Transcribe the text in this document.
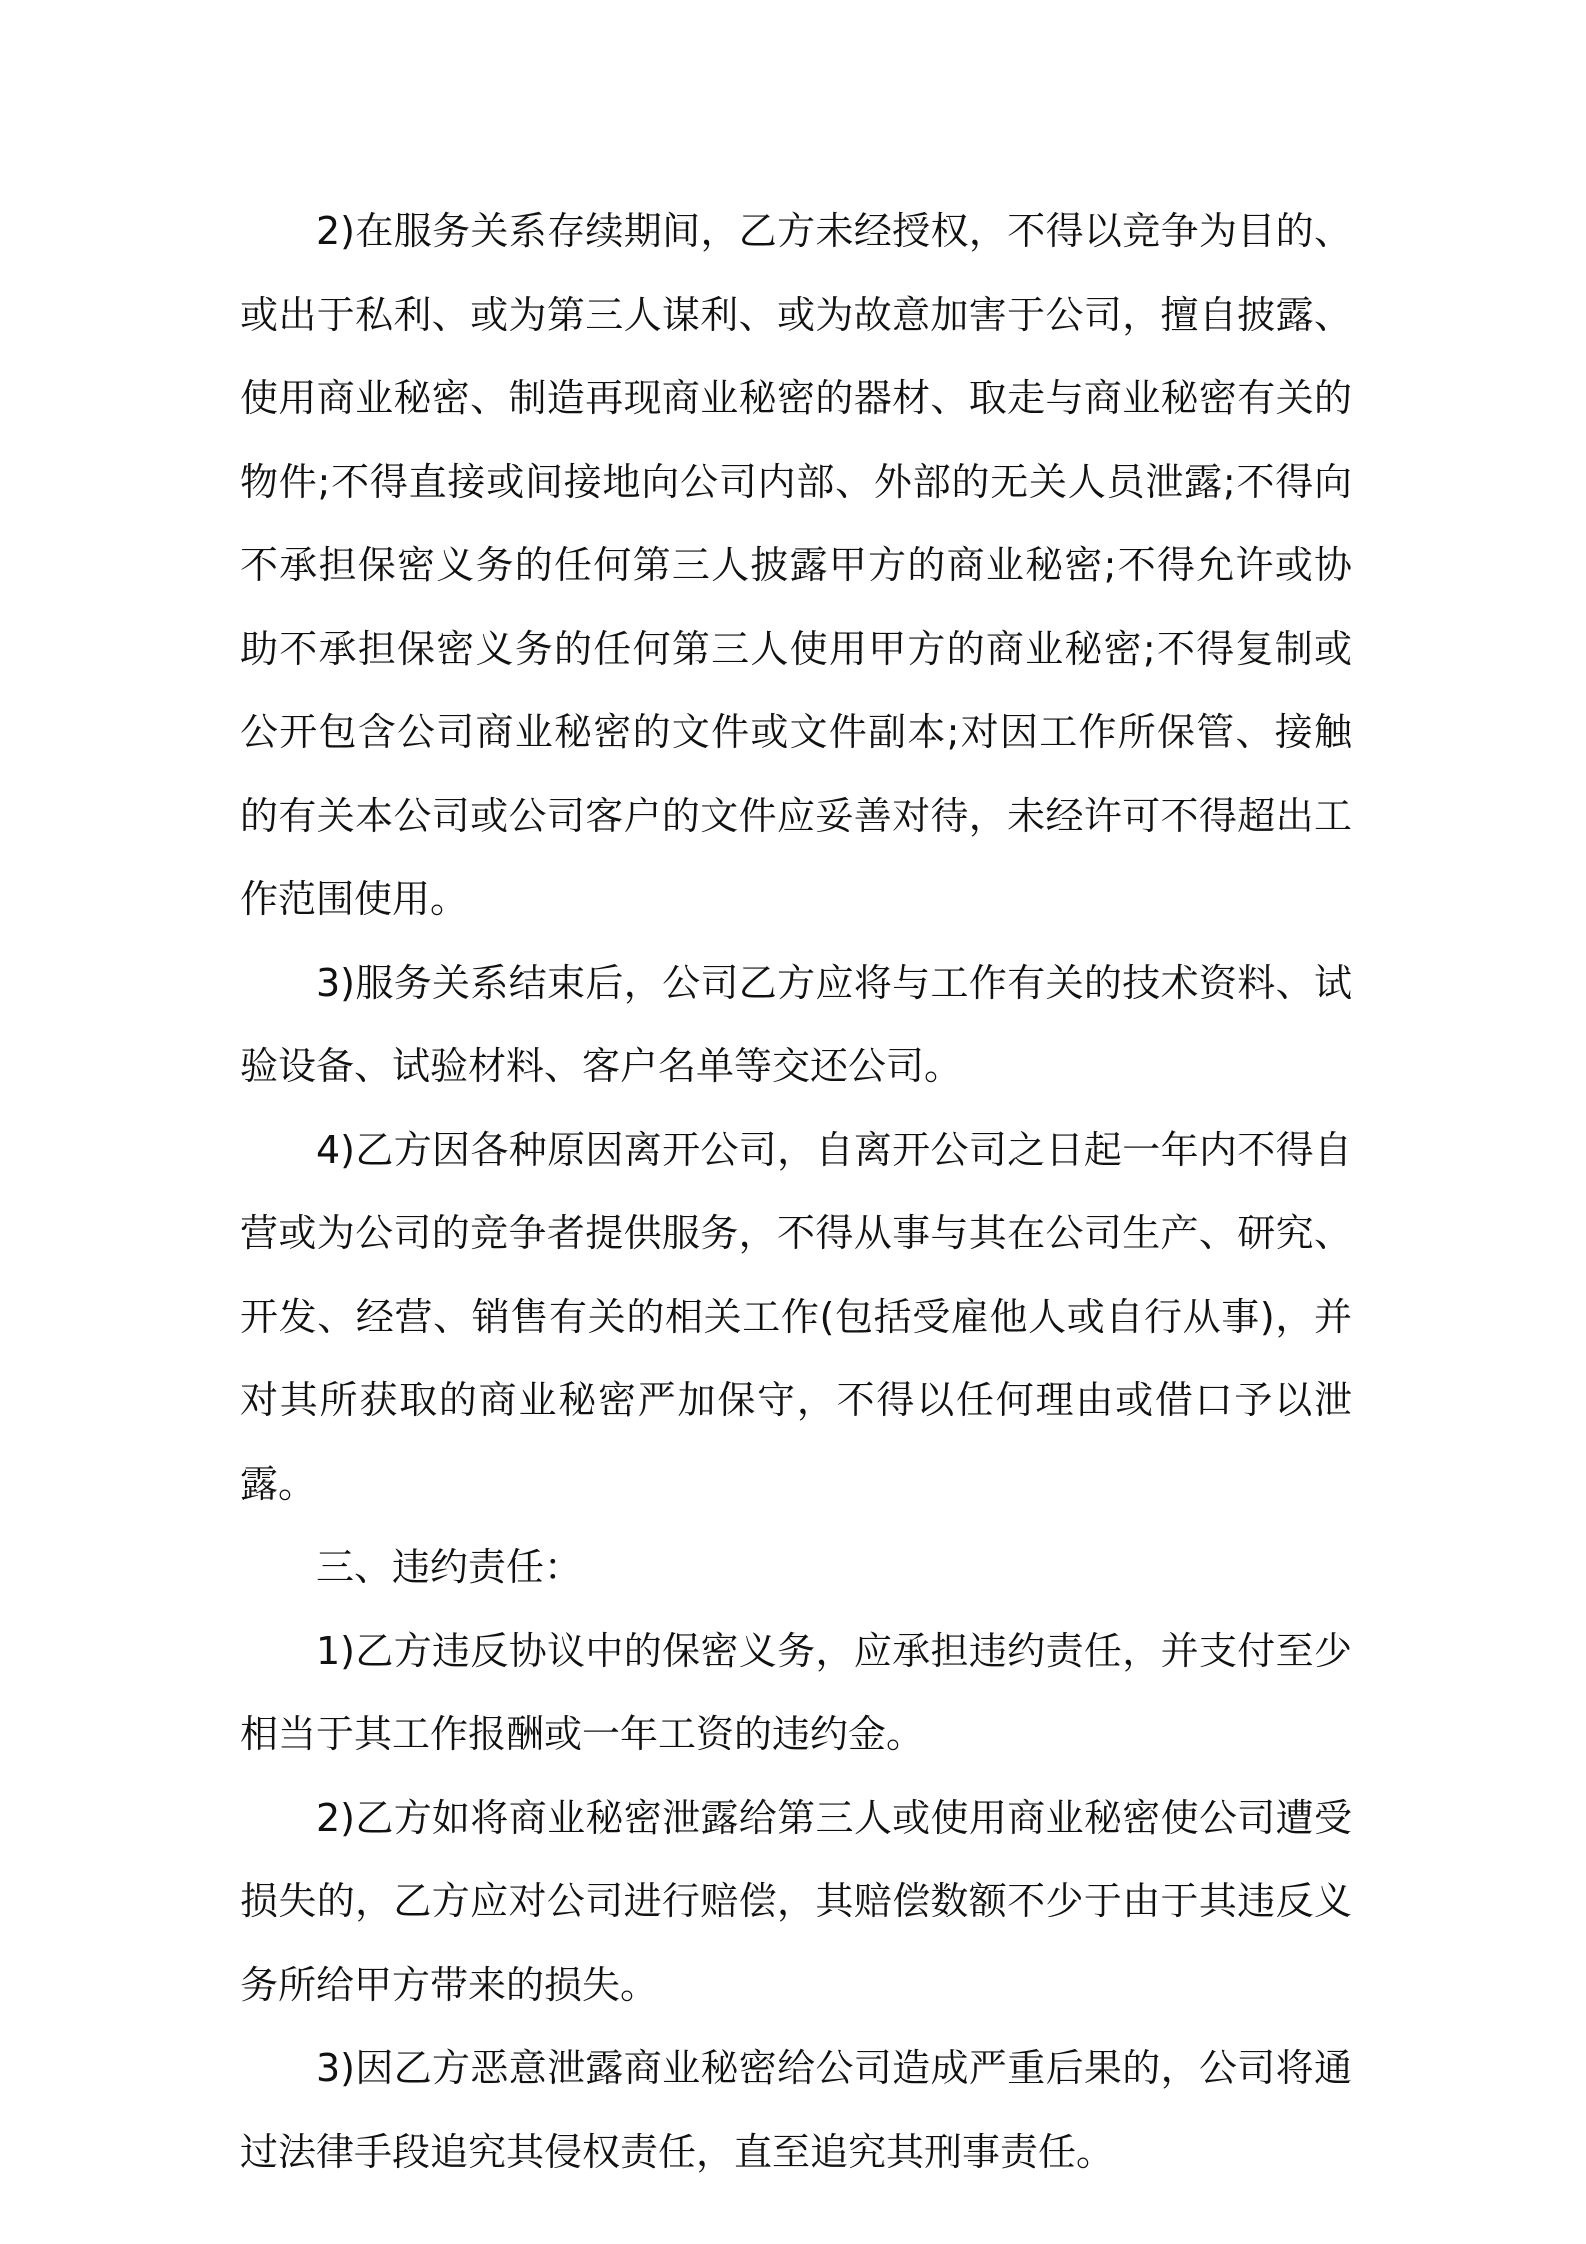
2)在服务关系存续期间，乙方未经授权，不得以竞争为目的、或出于私利、或为第三人谋利、或为故意加害于公司，擅自披露、使用商业秘密、制造再现商业秘密的器材、取走与商业秘密有关的物件;不得直接或间接地向公司内部、外部的无关人员泄露;不得向不承担保密义务的任何第三人披露甲方的商业秘密;不得允许或协助不承担保密义务的任何第三人使用甲方的商业秘密;不得复制或公开包含公司商业秘密的文件或文件副本;对因工作所保管、接触的有关本公司或公司客户的文件应妥善对待，未经许可不得超出工作范围使用。

3)服务关系结束后，公司乙方应将与工作有关的技术资料、试验设备、试验材料、客户名单等交还公司。

4)乙方因各种原因离开公司，自离开公司之日起一年内不得自营或为公司的竞争者提供服务，不得从事与其在公司生产、研究、开发、经营、销售有关的相关工作(包括受雇他人或自行从事)，并对其所获取的商业秘密严加保守，不得以任何理由或借口予以泄露。

三、违约责任：

1)乙方违反协议中的保密义务，应承担违约责任，并支付至少相当于其工作报酬或一年工资的违约金。

2)乙方如将商业秘密泄露给第三人或使用商业秘密使公司遭受损失的，乙方应对公司进行赔偿，其赔偿数额不少于由于其违反义务所给甲方带来的损失。

3)因乙方恶意泄露商业秘密给公司造成严重后果的，公司将通过法律手段追究其侵权责任，直至追究其刑事责任。
